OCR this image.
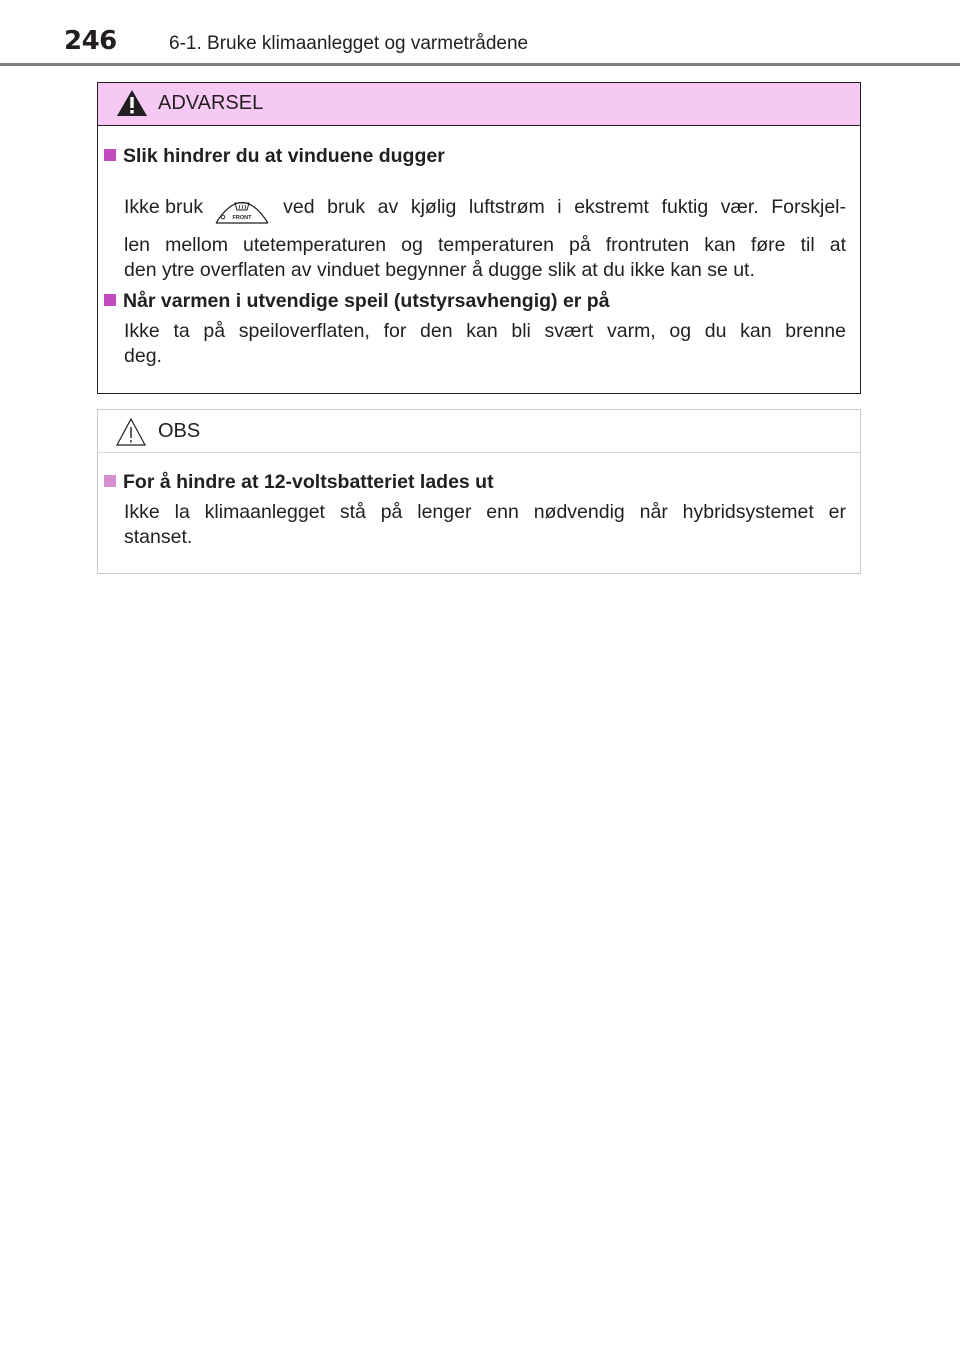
246	6-1. Bruke klimaanlegget og varmetrådene
ADVARSEL
Slik hindrer du at vinduene dugger
Ikke bruk
FRONT
ved bruk av kjølig luftstrøm i ekstremt fuktig vær. Forskjel-
len mellom utetemperaturen og temperaturen på frontruten kan føre til at
den ytre overflaten av vinduet begynner å dugge slik at du ikke kan se ut.
Når varmen i utvendige speil (utstyrsavhengig) er på
Ikke ta på speiloverflaten, for den kan bli svært varm, og du kan brenne
deg.
OBS
For å hindre at 12-voltsbatteriet lades ut
Ikke la klimaanlegget stå på lenger enn nødvendig når hybridsystemet er
stanset.
